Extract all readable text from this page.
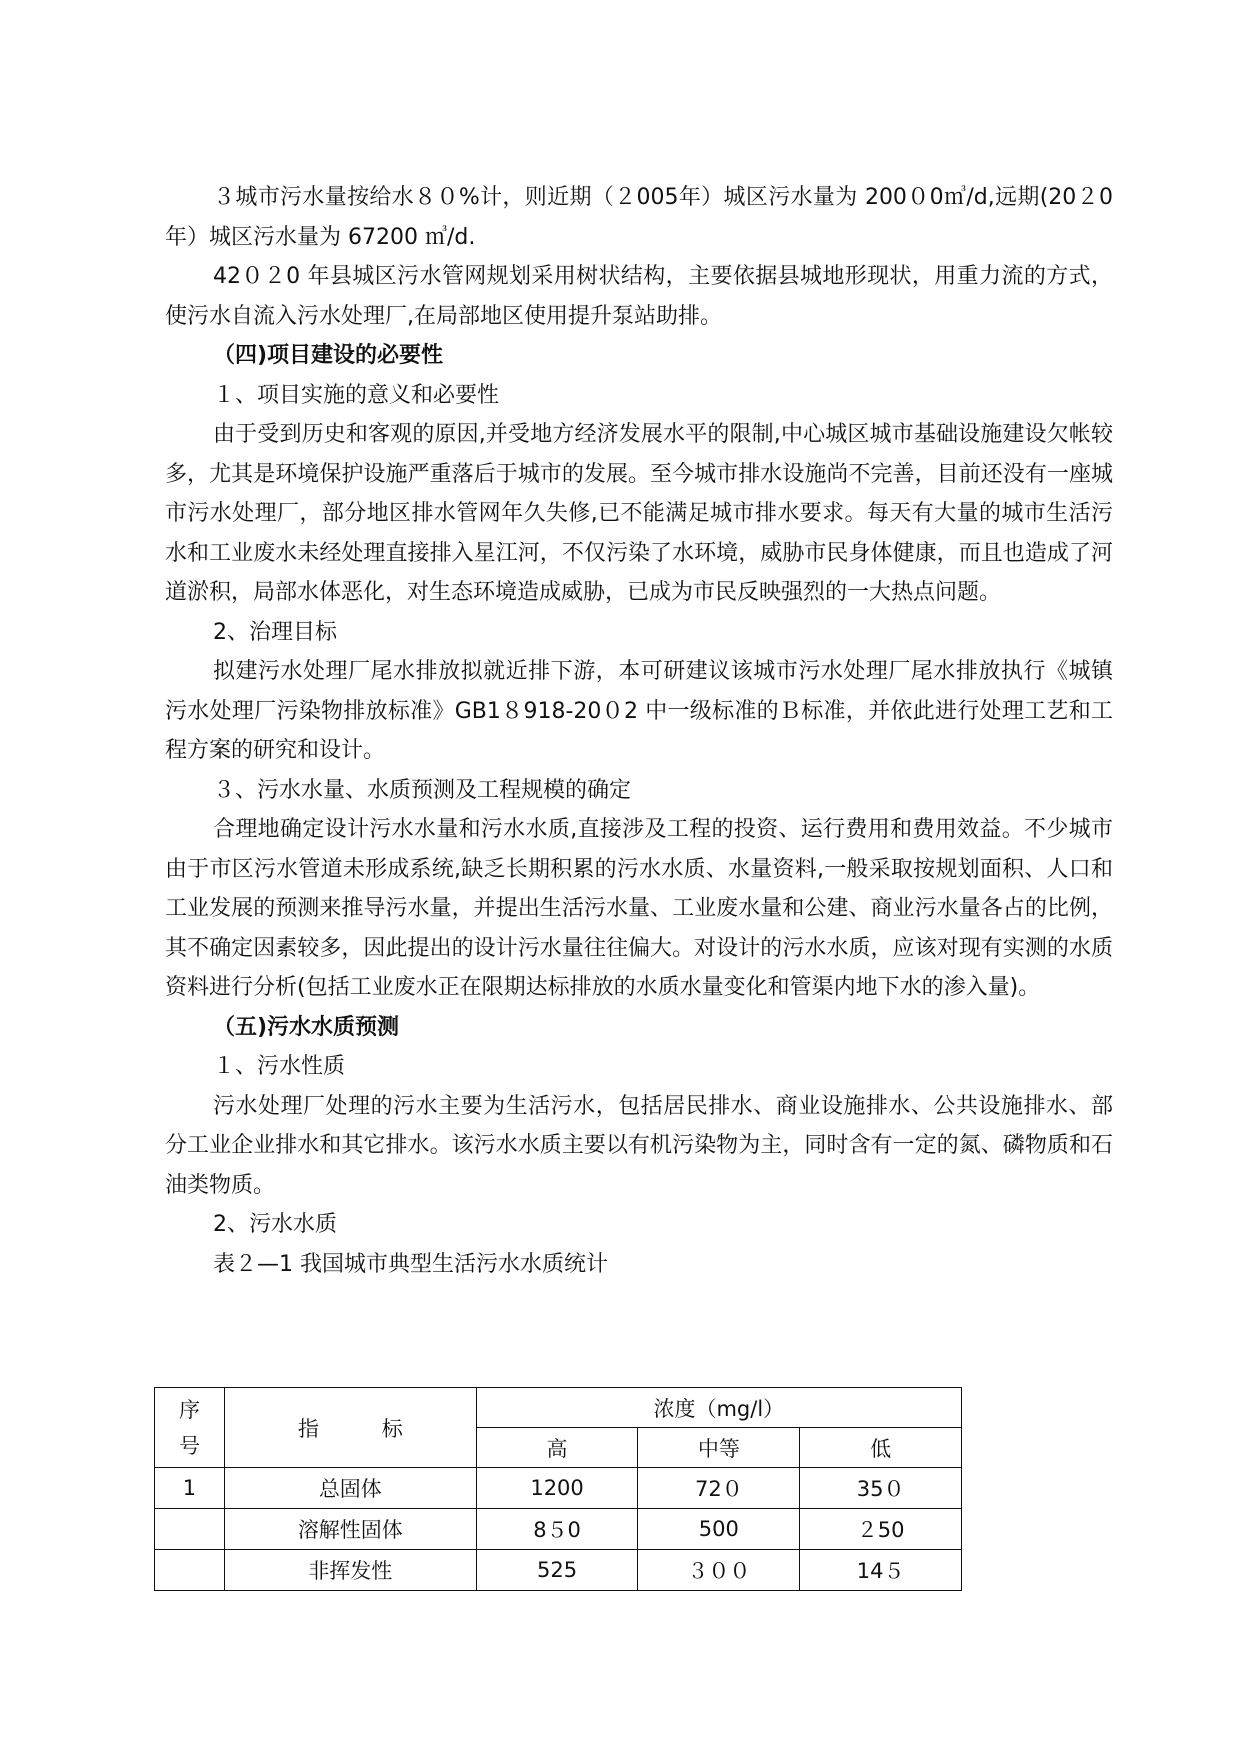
３城市污水量按给水８０%计，则近期（２005年）城区污水量为 200０0㎥/d,远期(20２0 年）城区污水量为 67200 ㎥/d.

42０２0 年县城区污水管网规划采用树状结构，主要依据县城地形现状，用重力流的方式，使污水自流入污水处理厂,在局部地区使用提升泵站助排。

（四)项目建设的必要性

１、项目实施的意义和必要性

由于受到历史和客观的原因,并受地方经济发展水平的限制,中心城区城市基础设施建设欠帐较多，尤其是环境保护设施严重落后于城市的发展。至今城市排水设施尚不完善，目前还没有一座城市污水处理厂，部分地区排水管网年久失修,已不能满足城市排水要求。每天有大量的城市生活污水和工业废水未经处理直接排入星江河，不仅污染了水环境，威胁市民身体健康，而且也造成了河道淤积，局部水体恶化，对生态环境造成威胁，已成为市民反映强烈的一大热点问题。

2、治理目标

拟建污水处理厂尾水排放拟就近排下游，本可研建议该城市污水处理厂尾水排放执行《城镇污水处理厂污染物排放标准》GB1８918-20０2 中一级标准的Ｂ标准，并依此进行处理工艺和工程方案的研究和设计。

３、污水水量、水质预测及工程规模的确定

合理地确定设计污水水量和污水水质,直接涉及工程的投资、运行费用和费用效益。不少城市由于市区污水管道未形成系统,缺乏长期积累的污水水质、水量资料,一般采取按规划面积、人口和工业发展的预测来推导污水量，并提出生活污水量、工业废水量和公建、商业污水量各占的比例，其不确定因素较多，因此提出的设计污水量往往偏大。对设计的污水水质，应该对现有实测的水质资料进行分析(包括工业废水正在限期达标排放的水质水量变化和管渠内地下水的渗入量)。

（五)污水水质预测

１、污水性质

污水处理厂处理的污水主要为生活污水，包括居民排水、商业设施排水、公共设施排水、部分工业企业排水和其它排水。该污水水质主要以有机污染物为主，同时含有一定的氮、磷物质和石油类物质。

2、污水水质

表２—1 我国城市典型生活污水水质统计

序号	指　　　标	浓度（mg/l）		
		高	中等	低
1	总固体	1200	72０	35０
	溶解性固体	8５0	500	２50
	非挥发性	525	３００	14５
